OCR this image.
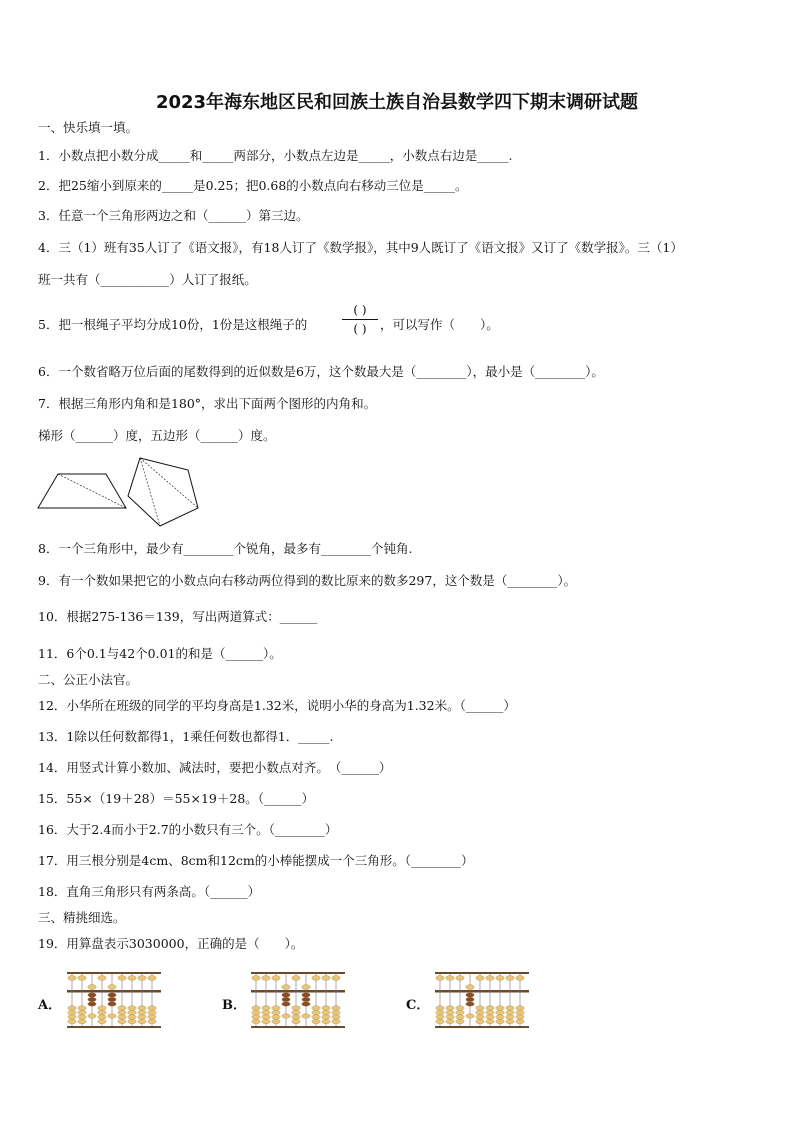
2023年海东地区民和回族土族自治县数学四下期末调研试题
一、快乐填一填。
1．小数点把小数分成_____和_____两部分，小数点左边是_____，小数点右边是_____.
2．把25缩小到原来的_____是0.25；把0.68的小数点向右移动三位是_____。
3．任意一个三角形两边之和（______）第三边。
4．三（1）班有35人订了《语文报》，有18人订了《数学报》，其中9人既订了《语文报》又订了《数学报》。三（1）
班一共有（___________）人订了报纸。
5．把一根绳子平均分成10份，1份是这根绳子的
( )
( )	，可以写作（　　）。
6．一个数省略万位后面的尾数得到的近似数是6万，这个数最大是（________），最小是（________）。
7．根据三角形内角和是180°，求出下面两个图形的内角和。
梯形（______）度，五边形（______）度。
8．一个三角形中，最少有________个锐角，最多有________个钝角.
9．有一个数如果把它的小数点向右移动两位得到的数比原来的数多297，这个数是（________）。
10．根据275-136＝139，写出两道算式：______
11．6个0.1与42个0.01的和是（______）。
二、公正小法官。
12．小华所在班级的同学的平均身高是1.32米，说明小华的身高为1.32米。（______）
13．1除以任何数都得1，1乘任何数也都得1．_____.
14．用竖式计算小数加、减法时，要把小数点对齐。　（______）
15．55×（19＋28）＝55×19＋28。（______）
16．大于2.4而小于2.7的小数只有三个。（________）
17．用三根分别是4cm、8cm和12cm的小棒能摆成一个三角形。（________）
18．直角三角形只有两条高。（______）
三、精挑细选。
19．用算盘表示3030000，正确的是（　　）。
A．	B．	C．
